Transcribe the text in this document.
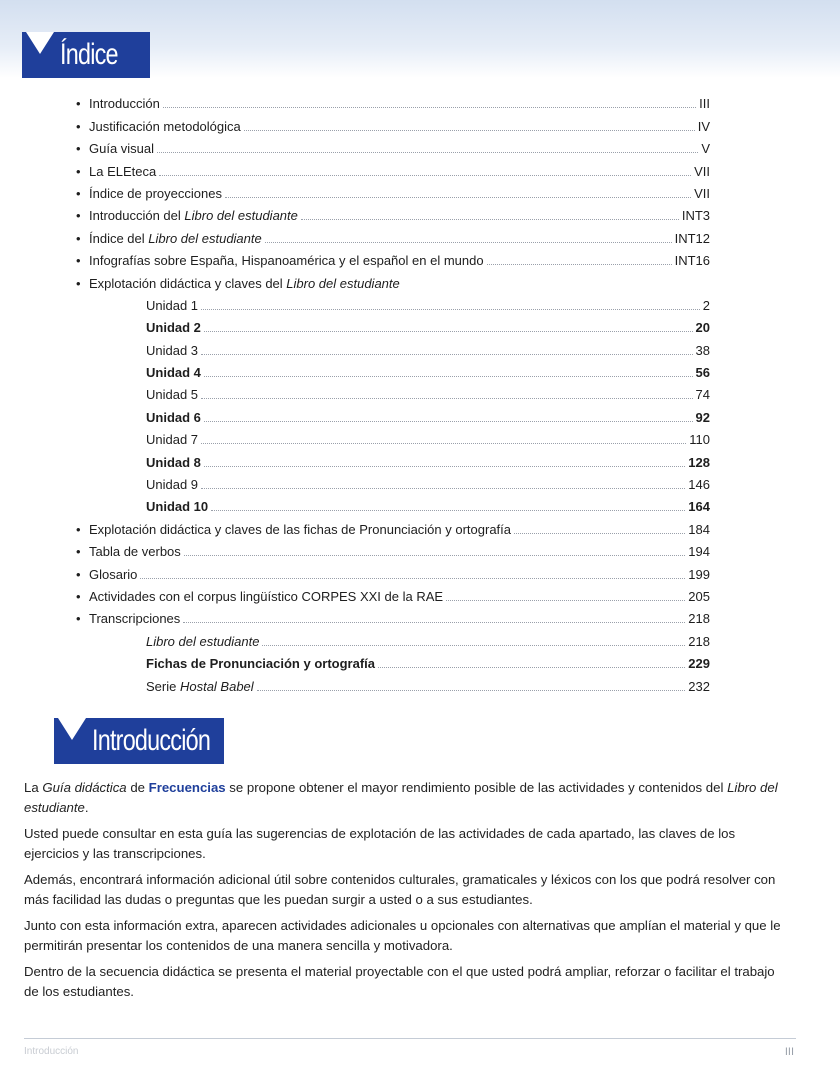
Índice
• Introducción	III
• Justificación metodológica	IV
• Guía visual	V
• La ELEteca	VII
• Índice de proyecciones	VII
• Introducción del Libro del estudiante	INT3
• Índice del Libro del estudiante	INT12
• Infografías sobre España, Hispanoamérica y el español en el mundo	INT16
• Explotación didáctica y claves del Libro del estudiante
Unidad 1	2
Unidad 2	20
Unidad 3	38
Unidad 4	56
Unidad 5	74
Unidad 6	92
Unidad 7	110
Unidad 8	128
Unidad 9	146
Unidad 10	164
• Explotación didáctica y claves de las fichas de Pronunciación y ortografía	184
• Tabla de verbos	194
• Glosario	199
• Actividades con el corpus lingüístico CORPES XXI de la RAE	205
• Transcripciones	218
Libro del estudiante	218
Fichas de Pronunciación y ortografía	229
Serie Hostal Babel	232
Introducción

La Guía didáctica de Frecuencias se propone obtener el mayor rendimiento posible de las actividades y contenidos del Libro del estudiante.

Usted puede consultar en esta guía las sugerencias de explotación de las actividades de cada apartado, las claves de los ejercicios y las transcripciones.

Además, encontrará información adicional útil sobre contenidos culturales, gramaticales y léxicos con los que podrá resolver con más facilidad las dudas o preguntas que les puedan surgir a usted o a sus estudiantes.

Junto con esta información extra, aparecen actividades adicionales u opcionales con alternativas que amplían el material y que le permitirán presentar los contenidos de una manera sencilla y motivadora.

Dentro de la secuencia didáctica se presenta el material proyectable con el que usted podrá ampliar, reforzar o facilitar el trabajo de los estudiantes.

Introducción	III
